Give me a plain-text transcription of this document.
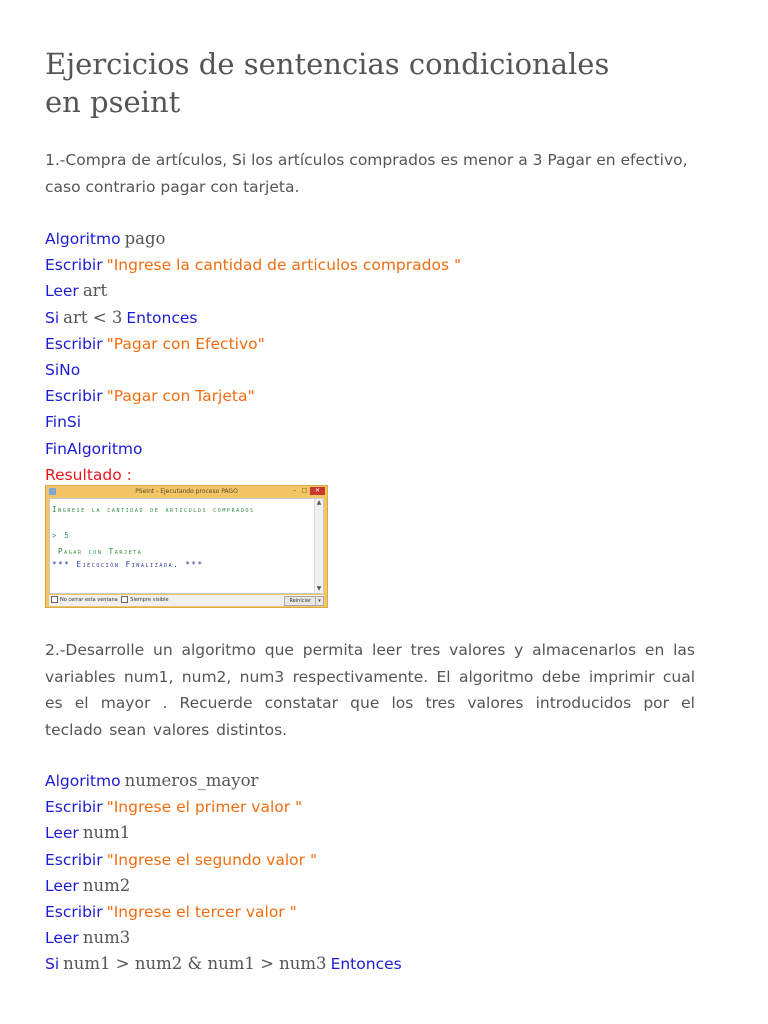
Ejercicios de sentencias condicionales
en pseint

1.-Compra de artículos, Si los artículos comprados es menor a 3 Pagar en efectivo, caso contrario pagar con tarjeta.

Algoritmo pago
Escribir "Ingrese la cantidad de articulos comprados "
Leer art
Si art < 3 Entonces
Escribir "Pagar con Efectivo"
SiNo
Escribir "Pagar con Tarjeta"
FinSi
FinAlgoritmo
Resultado :

2.-Desarrolle un algoritmo que permita leer tres valores y almacenarlos en las variables num1, num2, num3 respectivamente. El algoritmo debe imprimir cual es el mayor . Recuerde constatar que los tres valores introducidos por el teclado sean valores distintos.

Algoritmo numeros_mayor
Escribir "Ingrese el primer valor "
Leer num1
Escribir "Ingrese el segundo valor "
Leer num2
Escribir "Ingrese el tercer valor "
Leer num3
Si num1 > num2 & num1 > num3 Entonces
PSeInt - Ejecutando proceso PAGO	– □	✕
Ingrese la cantidad de articulos comprados
> 5
Pagar con Tarjeta
*** Ejecución Finalizada. ***
▲
▼
No cerrar esta ventana	Siempre visible	Reiniciar	▾
